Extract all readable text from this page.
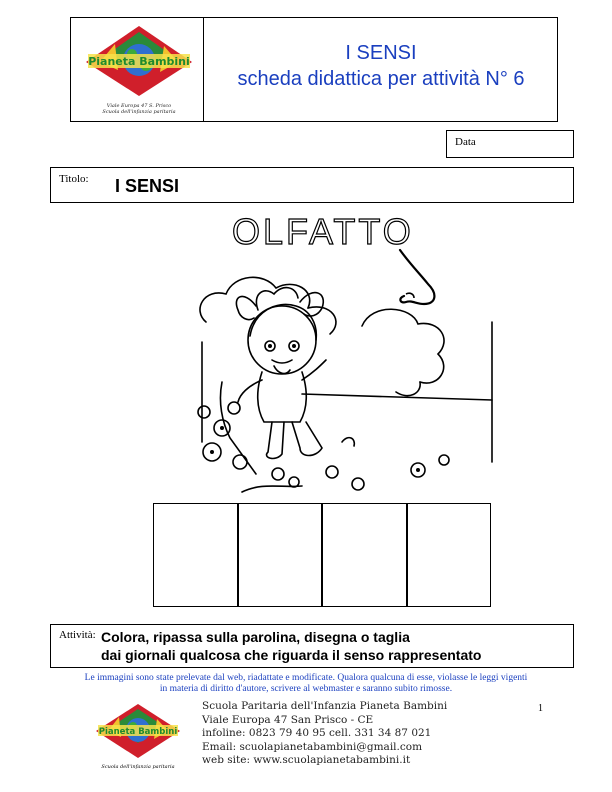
Pianeta Bambini
Viale Europa 47 S. Prisco
Scuola dell'infanzia paritaria
I SENSI
scheda didattica per attività N° 6
Data
Titolo: I SENSI
OLFATTO
Attività: Colora, ripassa sulla parolina, disegna o taglia
dai giornali qualcosa che riguarda il senso rappresentato
Le immagini sono state prelevate dal web, riadattate e modificate. Qualora qualcuna di esse, violasse le leggi vigenti
in materia di diritto d'autore, scrivere al webmaster e saranno subito rimosse.
1
Pianeta Bambini
Scuola dell'infanzia paritaria
Scuola Paritaria dell'Infanzia Pianeta Bambini
Viale Europa 47 San Prisco - CE
infoline: 0823 79 40 95 cell. 331 34 87 021
Email: scuolapianetabambini@gmail.com
web site: www.scuolapianetabambini.it
